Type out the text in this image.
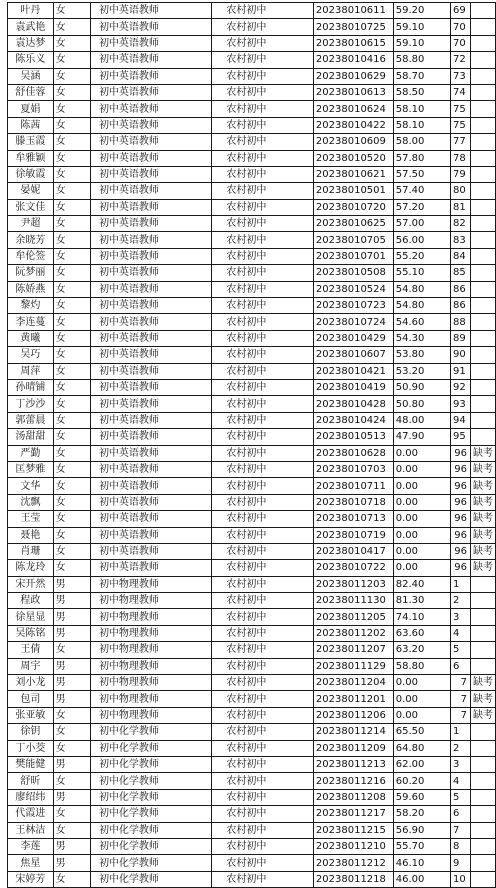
叶丹	女	初中英语教师	农村初中	20238010611	59.20	69	
袁武艳	女	初中英语教师	农村初中	20238010725	59.10	70	
袁达梦	女	初中英语教师	农村初中	20238010615	59.10	70	
陈乐义	女	初中英语教师	农村初中	20238010416	58.80	72	
吴涵	女	初中英语教师	农村初中	20238010629	58.70	73	
舒佳蓉	女	初中英语教师	农村初中	20238010613	58.50	74	
夏娟	女	初中英语教师	农村初中	20238010624	58.10	75	
陈茜	女	初中英语教师	农村初中	20238010422	58.10	75	
滕玉霞	女	初中英语教师	农村初中	20238010609	58.00	77	
牟雅颖	女	初中英语教师	农村初中	20238010520	57.80	78	
徐敏霞	女	初中英语教师	农村初中	20238010621	57.50	79	
晏妮	女	初中英语教师	农村初中	20238010501	57.40	80	
张文佳	女	初中英语教师	农村初中	20238010720	57.20	81	
尹超	女	初中英语教师	农村初中	20238010625	57.00	82	
余晓芳	女	初中英语教师	农村初中	20238010705	56.00	83	
牟伦签	女	初中英语教师	农村初中	20238010701	55.20	84	
阮梦丽	女	初中英语教师	农村初中	20238010508	55.10	85	
陈娇燕	女	初中英语教师	农村初中	20238010524	54.80	86	
黎灼	女	初中英语教师	农村初中	20238010723	54.80	86	
李连蔓	女	初中英语教师	农村初中	20238010724	54.60	88	
黄曦	女	初中英语教师	农村初中	20238010429	54.30	89	
吴巧	女	初中英语教师	农村初中	20238010607	53.80	90	
周萍	女	初中英语教师	农村初中	20238010421	53.20	91	
孙晴铺	女	初中英语教师	农村初中	20238010419	50.90	92	
丁沙沙	女	初中英语教师	农村初中	20238010428	50.80	93	
郭蕾晨	女	初中英语教师	农村初中	20238010424	48.00	94	
汤甜甜	女	初中英语教师	农村初中	20238010513	47.90	95	
严勤	女	初中英语教师	农村初中	20238010628	0.00	96	缺考
匡梦雅	女	初中英语教师	农村初中	20238010703	0.00	96	缺考
文华	女	初中英语教师	农村初中	20238010711	0.00	96	缺考
沈飘	女	初中英语教师	农村初中	20238010718	0.00	96	缺考
王莹	女	初中英语教师	农村初中	20238010713	0.00	96	缺考
聂艳	女	初中英语教师	农村初中	20238010719	0.00	96	缺考
肖珊	女	初中英语教师	农村初中	20238010417	0.00	96	缺考
陈龙玲	女	初中英语教师	农村初中	20238010722	0.00	96	缺考
宋开然	男	初中物理教师	农村初中	20238011203	82.40	1	
程政	男	初中物理教师	农村初中	20238011130	81.30	2	
徐星显	男	初中物理教师	农村初中	20238011205	74.10	3	
吴陈铭	男	初中物理教师	农村初中	20238011202	63.60	4	
王倩	女	初中物理教师	农村初中	20238011207	63.20	5	
周宇	男	初中物理教师	农村初中	20238011129	58.80	6	
刘小龙	男	初中物理教师	农村初中	20238011204	0.00	7	缺考
包司	男	初中物理教师	农村初中	20238011201	0.00	7	缺考
张亚敏	女	初中物理教师	农村初中	20238011206	0.00	7	缺考
徐钥	女	初中化学教师	农村初中	20238011214	65.50	1	
丁小茭	女	初中化学教师	农村初中	20238011209	64.80	2	
樊能健	男	初中化学教师	农村初中	20238011213	62.00	3	
舒昕	女	初中化学教师	农村初中	20238011216	60.20	4	
廖绍纬	男	初中化学教师	农村初中	20238011208	59.60	5	
代霞进	女	初中化学教师	农村初中	20238011217	58.20	6	
王林洁	女	初中化学教师	农村初中	20238011215	56.90	7	
李莲	男	初中化学教师	农村初中	20238011210	55.70	8	
焦星	男	初中化学教师	农村初中	20238011212	46.10	9	
宋婷芳	女	初中化学教师	农村初中	20238011218	46.00	10	
